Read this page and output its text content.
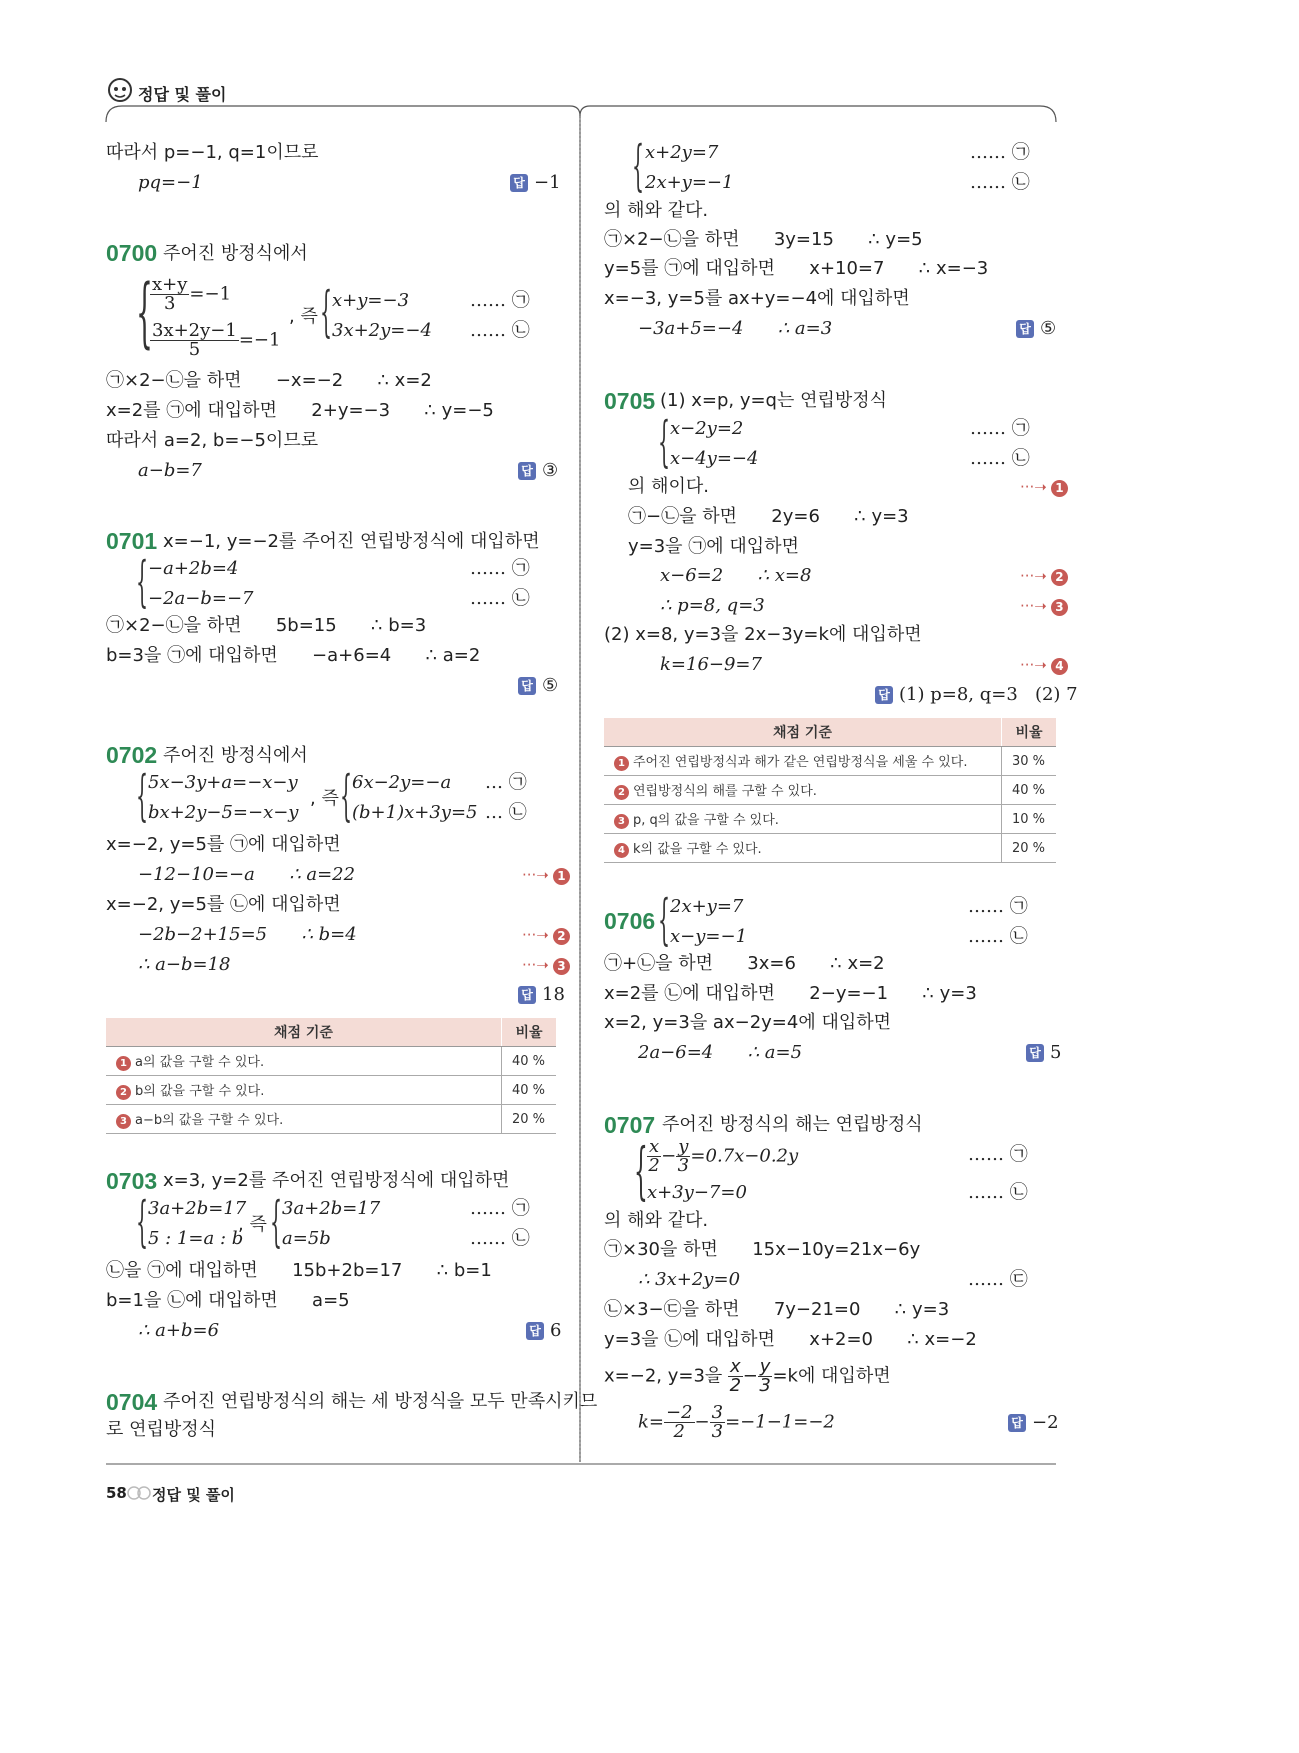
정답 및 풀이
따라서 p=−1, q=1이므로
pq=−1	답 −1
0700 주어진 방정식에서
{
$\frac{x+y}{3} =-1$
$\frac{3x+2y-1}{5} =-1$
, 즉 { x+y=−3
3x+2y=−4
…… ㉠
…… ㉡
㉠×2−㉡을 하면      −x=−2      ∴ x=2
x=2를 ㉠에 대입하면      2+y=−3      ∴ y=−5
따라서 a=2, b=−5이므로
a−b=7	답 ③
0701 x=−1, y=−2를 주어진 연립방정식에 대입하면
{ −a+2b=4
−2a−b=−7
…… ㉠
…… ㉡
㉠×2−㉡을 하면      5b=15      ∴ b=3
b=3을 ㉠에 대입하면      −a+6=4      ∴ a=2
답 ⑤
0702 주어진 방정식에서
{ 5x−3y+a=−x−y
bx+2y−5=−x−y
, 즉 { 6x−2y=−a
(b+1)x+3y=5
… ㉠
… ㉡
x=−2, y=5를 ㉠에 대입하면
−12−10=−a      ∴ a=22	···➝ 1
x=−2, y=5를 ㉡에 대입하면
−2b−2+15=5      ∴ b=4	···➝ 2
∴ a−b=18	···➝ 3
답 18
채점 기준	비율
1 a의 값을 구할 수 있다.	40 %
2 b의 값을 구할 수 있다.	40 %
3 a−b의 값을 구할 수 있다.	20 %
0703 x=3, y=2를 주어진 연립방정식에 대입하면
{ 3a+2b=17
5 : 1=a : b
, 즉 { 3a+2b=17
a=5b
…… ㉠
…… ㉡
㉡을 ㉠에 대입하면      15b+2b=17      ∴ b=1
b=1을 ㉡에 대입하면      a=5
∴ a+b=6	답 6
0704 주어진 연립방정식의 해는 세 방정식을 모두 만족시키므
로 연립방정식
{ x+2y=7
2x+y=−1
…… ㉠
…… ㉡
의 해와 같다.
㉠×2−㉡을 하면      3y=15      ∴ y=5
y=5를 ㉠에 대입하면      x+10=7      ∴ x=−3
x=−3, y=5를 ax+y=−4에 대입하면
−3a+5=−4      ∴ a=3	답 ⑤
0705 (1) x=p, y=q는 연립방정식
{ x−2y=2
x−4y=−4
…… ㉠
…… ㉡
의 해이다.	···➝ 1
㉠−㉡을 하면      2y=6      ∴ y=3
y=3을 ㉠에 대입하면
x−6=2      ∴ x=8	···➝ 2
∴ p=8, q=3	···➝ 3
(2) x=8, y=3을 2x−3y=k에 대입하면
k=16−9=7	···➝ 4
답 (1) p=8, q=3   (2) 7
채점 기준	비율
1 주어진 연립방정식과 해가 같은 연립방정식을 세울 수 있다.	30 %
2 연립방정식의 해를 구할 수 있다.	40 %
3 p, q의 값을 구할 수 있다.	10 %
4 k의 값을 구할 수 있다.	20 %
0706 { 2x+y=7
x−y=−1
…… ㉠
…… ㉡
㉠+㉡을 하면      3x=6      ∴ x=2
x=2를 ㉡에 대입하면      2−y=−1      ∴ y=3
x=2, y=3을 ax−2y=4에 대입하면
2a−6=4      ∴ a=5	답 5
0707 주어진 방정식의 해는 연립방정식
{ $\frac{x}{2} - \frac{y}{3} =0.7x-0.2y$
x+3y−7=0
…… ㉠
…… ㉡
의 해와 같다.
㉠×30을 하면      15x−10y=21x−6y
∴ 3x+2y=0	…… ㉢
㉡×3−㉢을 하면      7y−21=0      ∴ y=3
y=3을 ㉡에 대입하면      x+2=0      ∴ x=−2
x=−2, y=3을 $\frac{x}{2} - \frac{y}{3} =k$에 대입하면
$k= \frac{-2}{2} - \frac{3}{3} =-1-1=-2$	답 −2
58 정답 및 풀이
